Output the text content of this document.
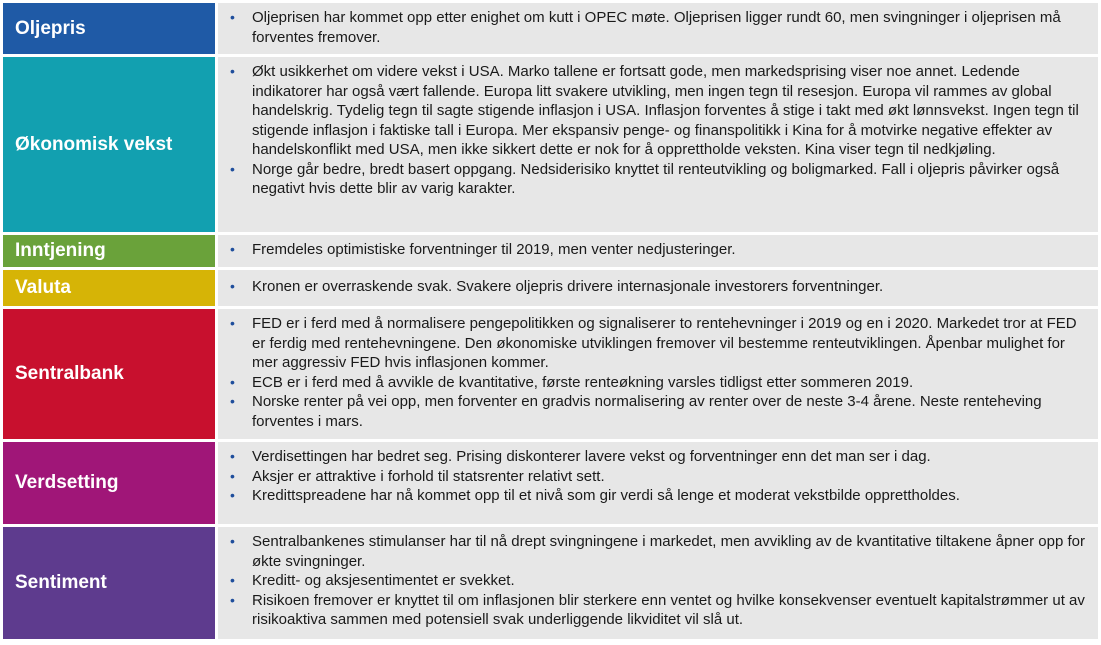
Oljepris
• Oljeprisen har kommet opp etter enighet om kutt i OPEC møte. Oljeprisen ligger rundt 60, men svingninger i oljeprisen må forventes fremover.
Økonomisk vekst
• Økt usikkerhet om videre vekst i USA. Marko tallene er fortsatt gode, men markedsprising viser noe annet. Ledende indikatorer har også vært fallende. Europa litt svakere utvikling, men ingen tegn til resesjon. Europa vil rammes av global handelskrig. Tydelig tegn til sagte stigende inflasjon i USA. Inflasjon forventes å stige i takt med økt lønnsvekst. Ingen tegn til stigende inflasjon i faktiske tall i Europa. Mer ekspansiv penge- og finanspolitikk i Kina for å motvirke negative effekter av handelskonflikt med USA, men ikke sikkert dette er nok for å opprettholde veksten. Kina viser tegn til nedkjøling.
• Norge går bedre, bredt basert oppgang. Nedsiderisiko knyttet til renteutvikling og boligmarked. Fall i oljepris påvirker også negativt hvis dette blir av varig karakter.
Inntjening	• Fremdeles optimistiske forventninger til 2019, men venter nedjusteringer.
Valuta	• Kronen er overraskende svak. Svakere oljepris drivere internasjonale investorers forventninger.
Sentralbank
• FED er i ferd med å normalisere pengepolitikken og signaliserer to rentehevninger i 2019 og en i 2020. Markedet tror at FED er ferdig med rentehevningene. Den økonomiske utviklingen fremover vil bestemme renteutviklingen. Åpenbar mulighet for mer aggressiv FED hvis inflasjonen kommer.
• ECB er i ferd med å avvikle de kvantitative, første renteøkning varsles tidligst etter sommeren 2019.
• Norske renter på vei opp, men forventer en gradvis normalisering av renter over de neste 3-4 årene. Neste renteheving forventes i mars.
Verdsetting
• Verdisettingen har bedret seg. Prising diskonterer lavere vekst og forventninger enn det man ser i dag.
• Aksjer er attraktive i forhold til statsrenter relativt sett.
• Kredittspreadene har nå kommet opp til et nivå som gir verdi så lenge et moderat vekstbilde opprettholdes.
Sentiment
• Sentralbankenes stimulanser har til nå drept svingningene i markedet, men avvikling av de kvantitative tiltakene åpner opp for økte svingninger.
• Kreditt- og aksjesentimentet er svekket.
• Risikoen fremover er knyttet til om inflasjonen blir sterkere enn ventet og hvilke konsekvenser eventuelt kapitalstrømmer ut av risikoaktiva sammen med potensiell svak underliggende likviditet vil slå ut.
